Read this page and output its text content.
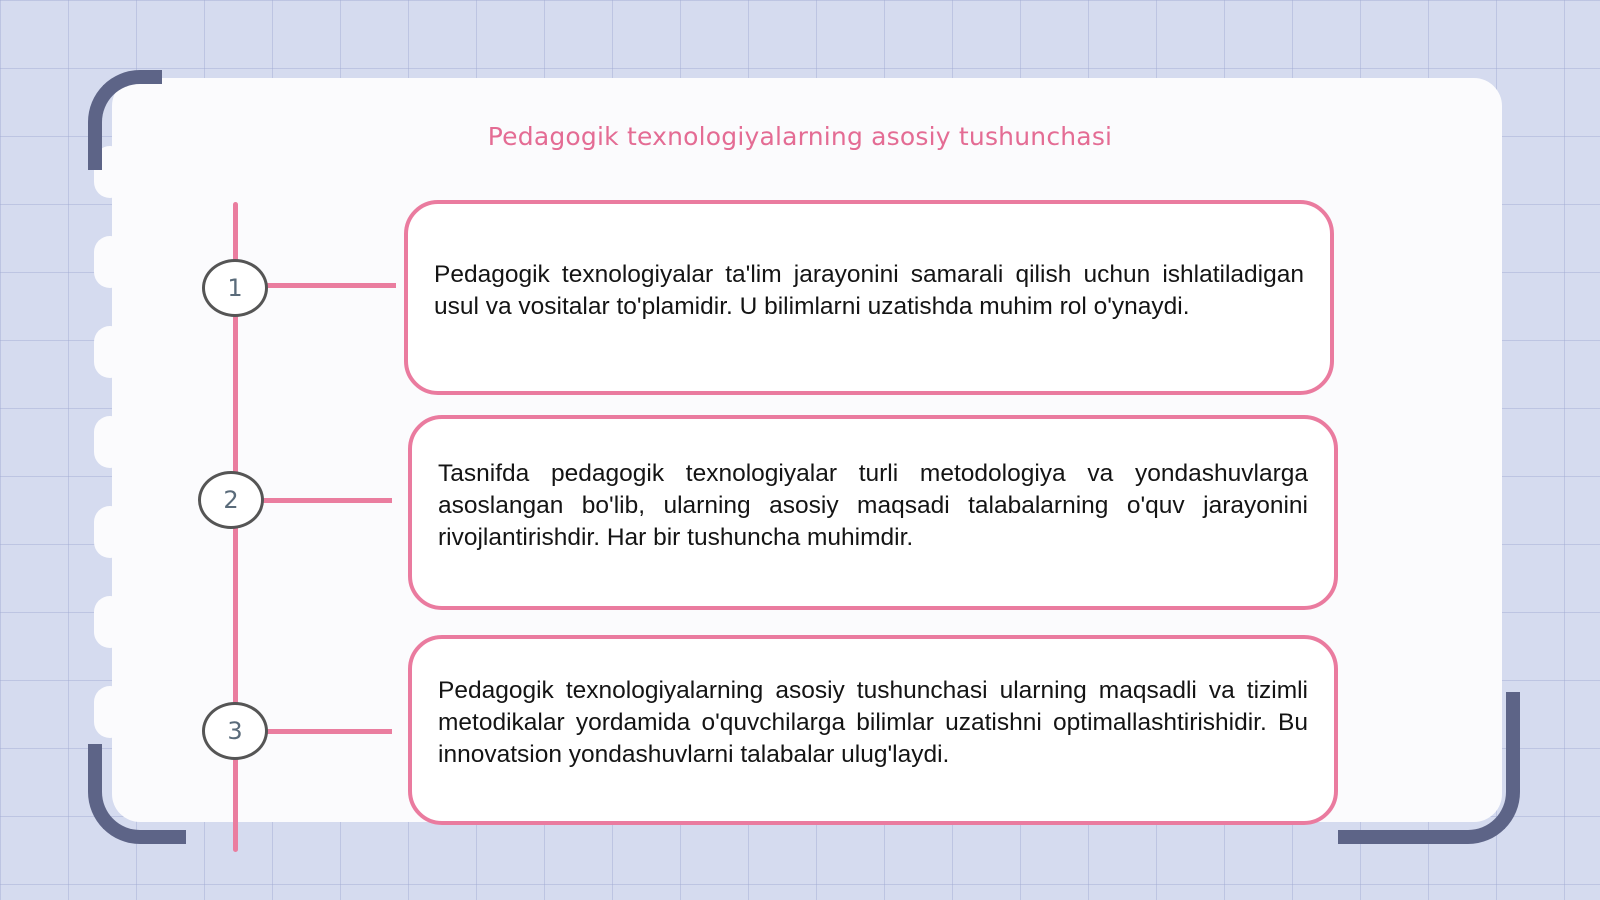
Pedagogik texnologiyalarning asosiy tushunchasi
1	Pedagogik texnologiyalar ta'lim jarayonini samarali qilish uchun ishlatiladigan usul va vositalar to'plamidir. U bilimlarni uzatishda muhim rol o'ynaydi.
2
Tasnifda pedagogik texnologiyalar turli metodologiya va yondashuvlarga asoslangan bo'lib, ularning asosiy maqsadi talabalarning o'quv jarayonini rivojlantirishdir. Har bir tushuncha muhimdir.
3
Pedagogik texnologiyalarning asosiy tushunchasi ularning maqsadli va tizimli metodikalar yordamida o'quvchilarga bilimlar uzatishni optimallashtirishidir. Bu innovatsion yondashuvlarni talabalar ulug'laydi.
